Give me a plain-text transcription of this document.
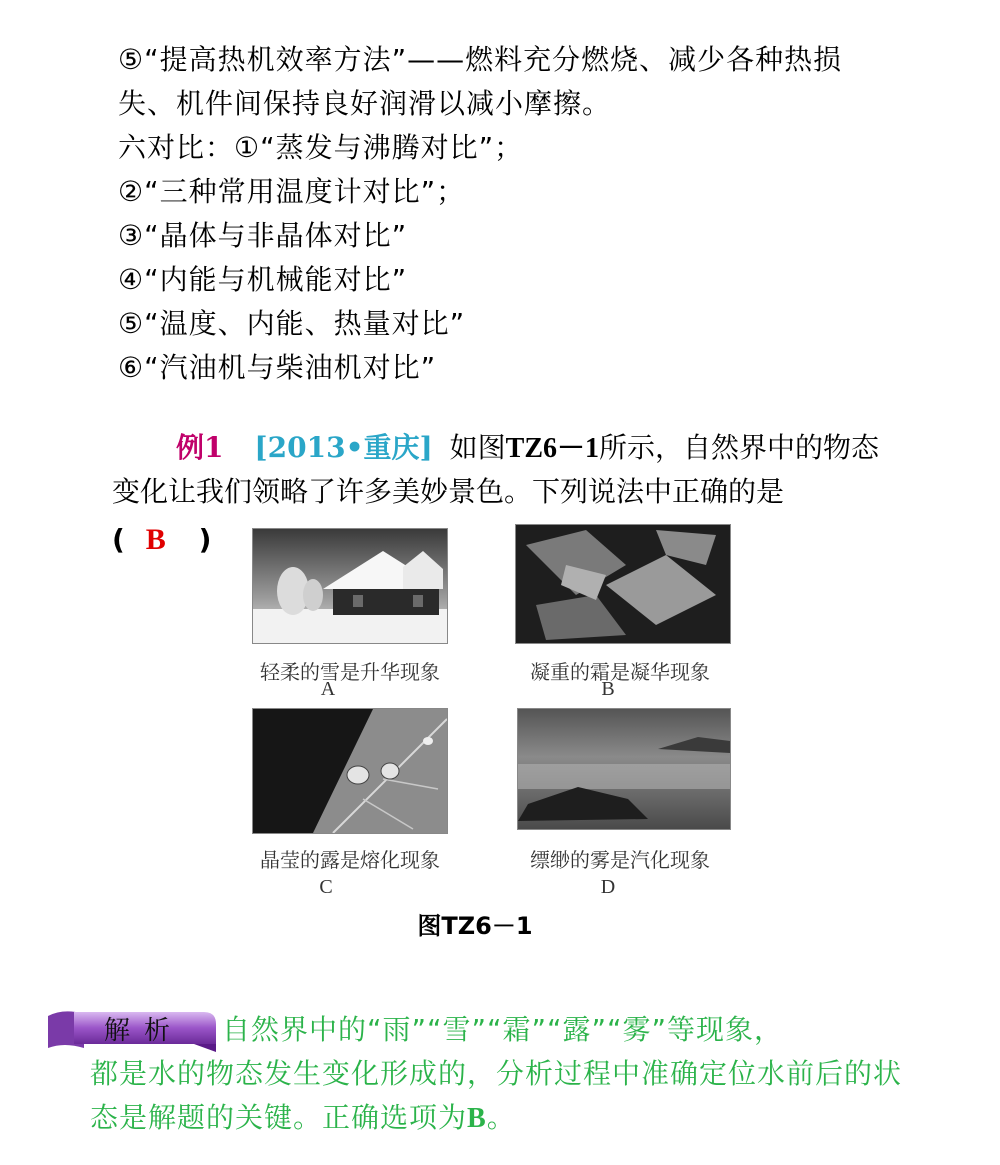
⑤“提高热机效率方法”——燃料充分燃烧、减少各种热损
失、机件间保持良好润滑以减小摩擦。
六对比：①“蒸发与沸腾对比”；
②“三种常用温度计对比”；
③“晶体与非晶体对比”
④“内能与机械能对比”
⑤“温度、内能、热量对比”
⑥“汽油机与柴油机对比”
例1 [2013•重庆] 如图TZ6－1所示，自然界中的物态
变化让我们领略了许多美妙景色。下列说法中正确的是
( B )
轻柔的雪是升华现象
A
凝重的霜是凝华现象
B
晶莹的露是熔化现象
C
缥缈的雾是汽化现象
D
图TZ6－1
解析	自然界中的“雨”“雪”“霜”“露”“雾”等现象，
都是水的物态发生变化形成的，分析过程中准确定位水前后的状
态是解题的关键。正确选项为B。
